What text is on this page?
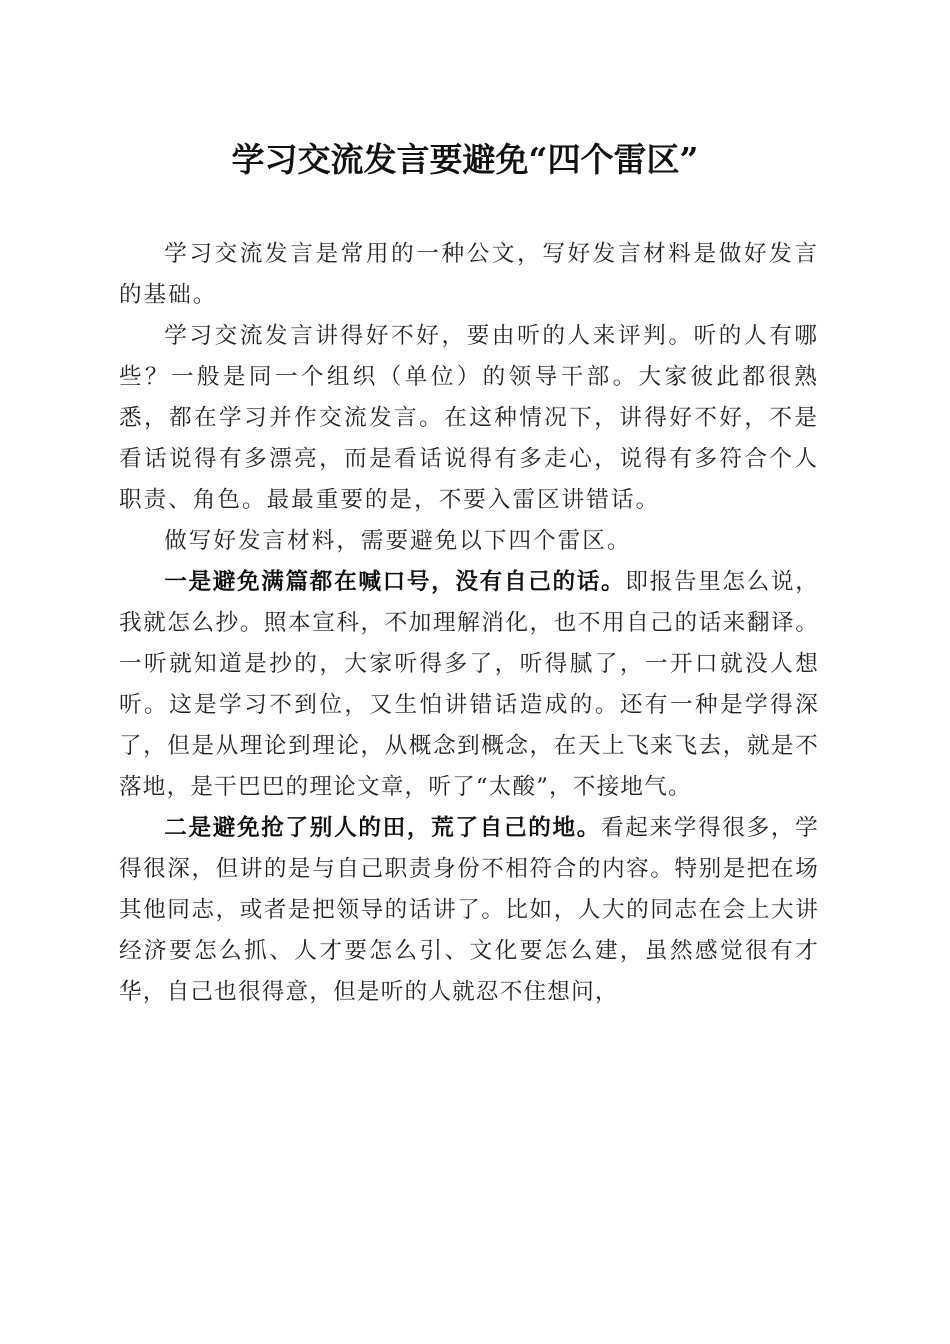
学习交流发言要避免“四个雷区”

学习交流发言是常用的一种公文，写好发言材料是做好发言的基础。

学习交流发言讲得好不好，要由听的人来评判。听的人有哪些？一般是同一个组织（单位）的领导干部。大家彼此都很熟悉，都在学习并作交流发言。在这种情况下，讲得好不好，不是看话说得有多漂亮，而是看话说得有多走心，说得有多符合个人职责、角色。最最重要的是，不要入雷区讲错话。

做写好发言材料，需要避免以下四个雷区。

一是避免满篇都在喊口号，没有自己的话。即报告里怎么说，我就怎么抄。照本宣科，不加理解消化，也不用自己的话来翻译。一听就知道是抄的，大家听得多了，听得腻了，一开口就没人想听。这是学习不到位，又生怕讲错话造成的。还有一种是学得深了，但是从理论到理论，从概念到概念，在天上飞来飞去，就是不落地，是干巴巴的理论文章，听了“太酸”，不接地气。

二是避免抢了别人的田，荒了自己的地。看起来学得很多，学得很深，但讲的是与自己职责身份不相符合的内容。特别是把在场其他同志，或者是把领导的话讲了。比如，人大的同志在会上大讲经济要怎么抓、人才要怎么引、文化要怎么建，虽然感觉很有才华，自己也很得意，但是听的人就忍不住想问，
